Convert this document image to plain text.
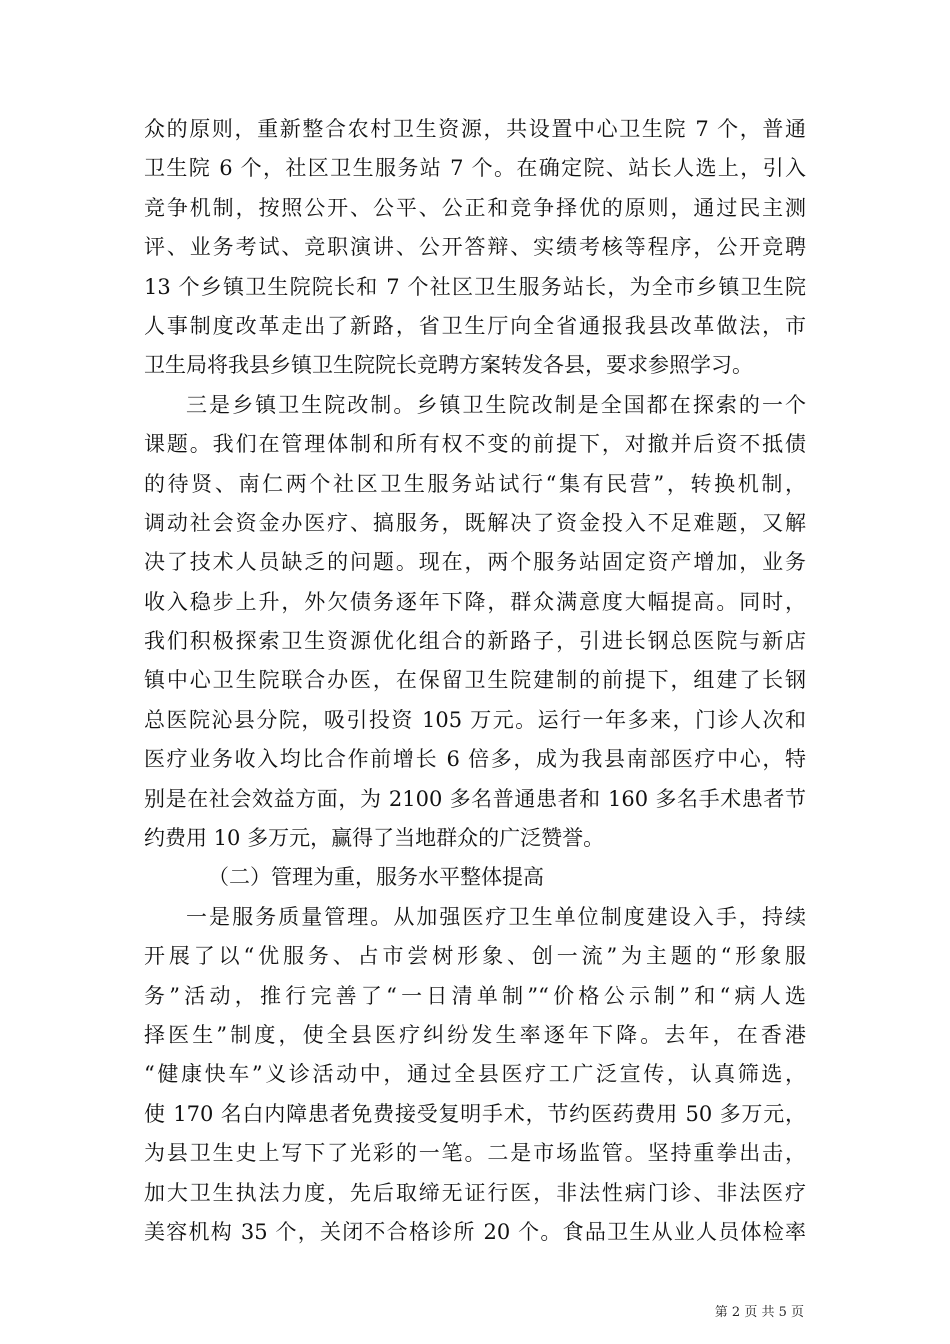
众的原则，重新整合农村卫生资源，共设置中心卫生院 7 个，普通
卫生院 6 个，社区卫生服务站 7 个。在确定院、站长人选上，引入
竞争机制，按照公开、公平、公正和竞争择优的原则，通过民主测
评、业务考试、竞职演讲、公开答辩、实绩考核等程序，公开竞聘
13 个乡镇卫生院院长和 7 个社区卫生服务站长，为全市乡镇卫生院
人事制度改革走出了新路，省卫生厅向全省通报我县改革做法，市
卫生局将我县乡镇卫生院院长竞聘方案转发各县，要求参照学习。
三是乡镇卫生院改制。乡镇卫生院改制是全国都在探索的一个
课题。我们在管理体制和所有权不变的前提下，对撤并后资不抵债
的待贤、南仁两个社区卫生服务站试行“集有民营”，转换机制，
调动社会资金办医疗、搞服务，既解决了资金投入不足难题，又解
决了技术人员缺乏的问题。现在，两个服务站固定资产增加，业务
收入稳步上升，外欠债务逐年下降，群众满意度大幅提高。同时，
我们积极探索卫生资源优化组合的新路子，引进长钢总医院与新店
镇中心卫生院联合办医，在保留卫生院建制的前提下，组建了长钢
总医院沁县分院，吸引投资 105 万元。运行一年多来，门诊人次和
医疗业务收入均比合作前增长 6 倍多，成为我县南部医疗中心，特
别是在社会效益方面，为 2100 多名普通患者和 160 多名手术患者节
约费用 10 多万元，赢得了当地群众的广泛赞誉。
（二）管理为重，服务水平整体提高
一是服务质量管理。从加强医疗卫生单位制度建设入手，持续
开展了以“优服务、占市尝树形象、创一流”为主题的“形象服
务”活动，推行完善了“一日清单制”“价格公示制”和“病人选
择医生”制度，使全县医疗纠纷发生率逐年下降。去年，在香港
“健康快车”义诊活动中，通过全县医疗工广泛宣传，认真筛选，
使 170 名白内障患者免费接受复明手术，节约医药费用 50 多万元，
为县卫生史上写下了光彩的一笔。二是市场监管。坚持重拳出击，
加大卫生执法力度，先后取缔无证行医，非法性病门诊、非法医疗
美容机构 35 个，关闭不合格诊所 20 个。食品卫生从业人员体检率
第 2 页 共 5 页
